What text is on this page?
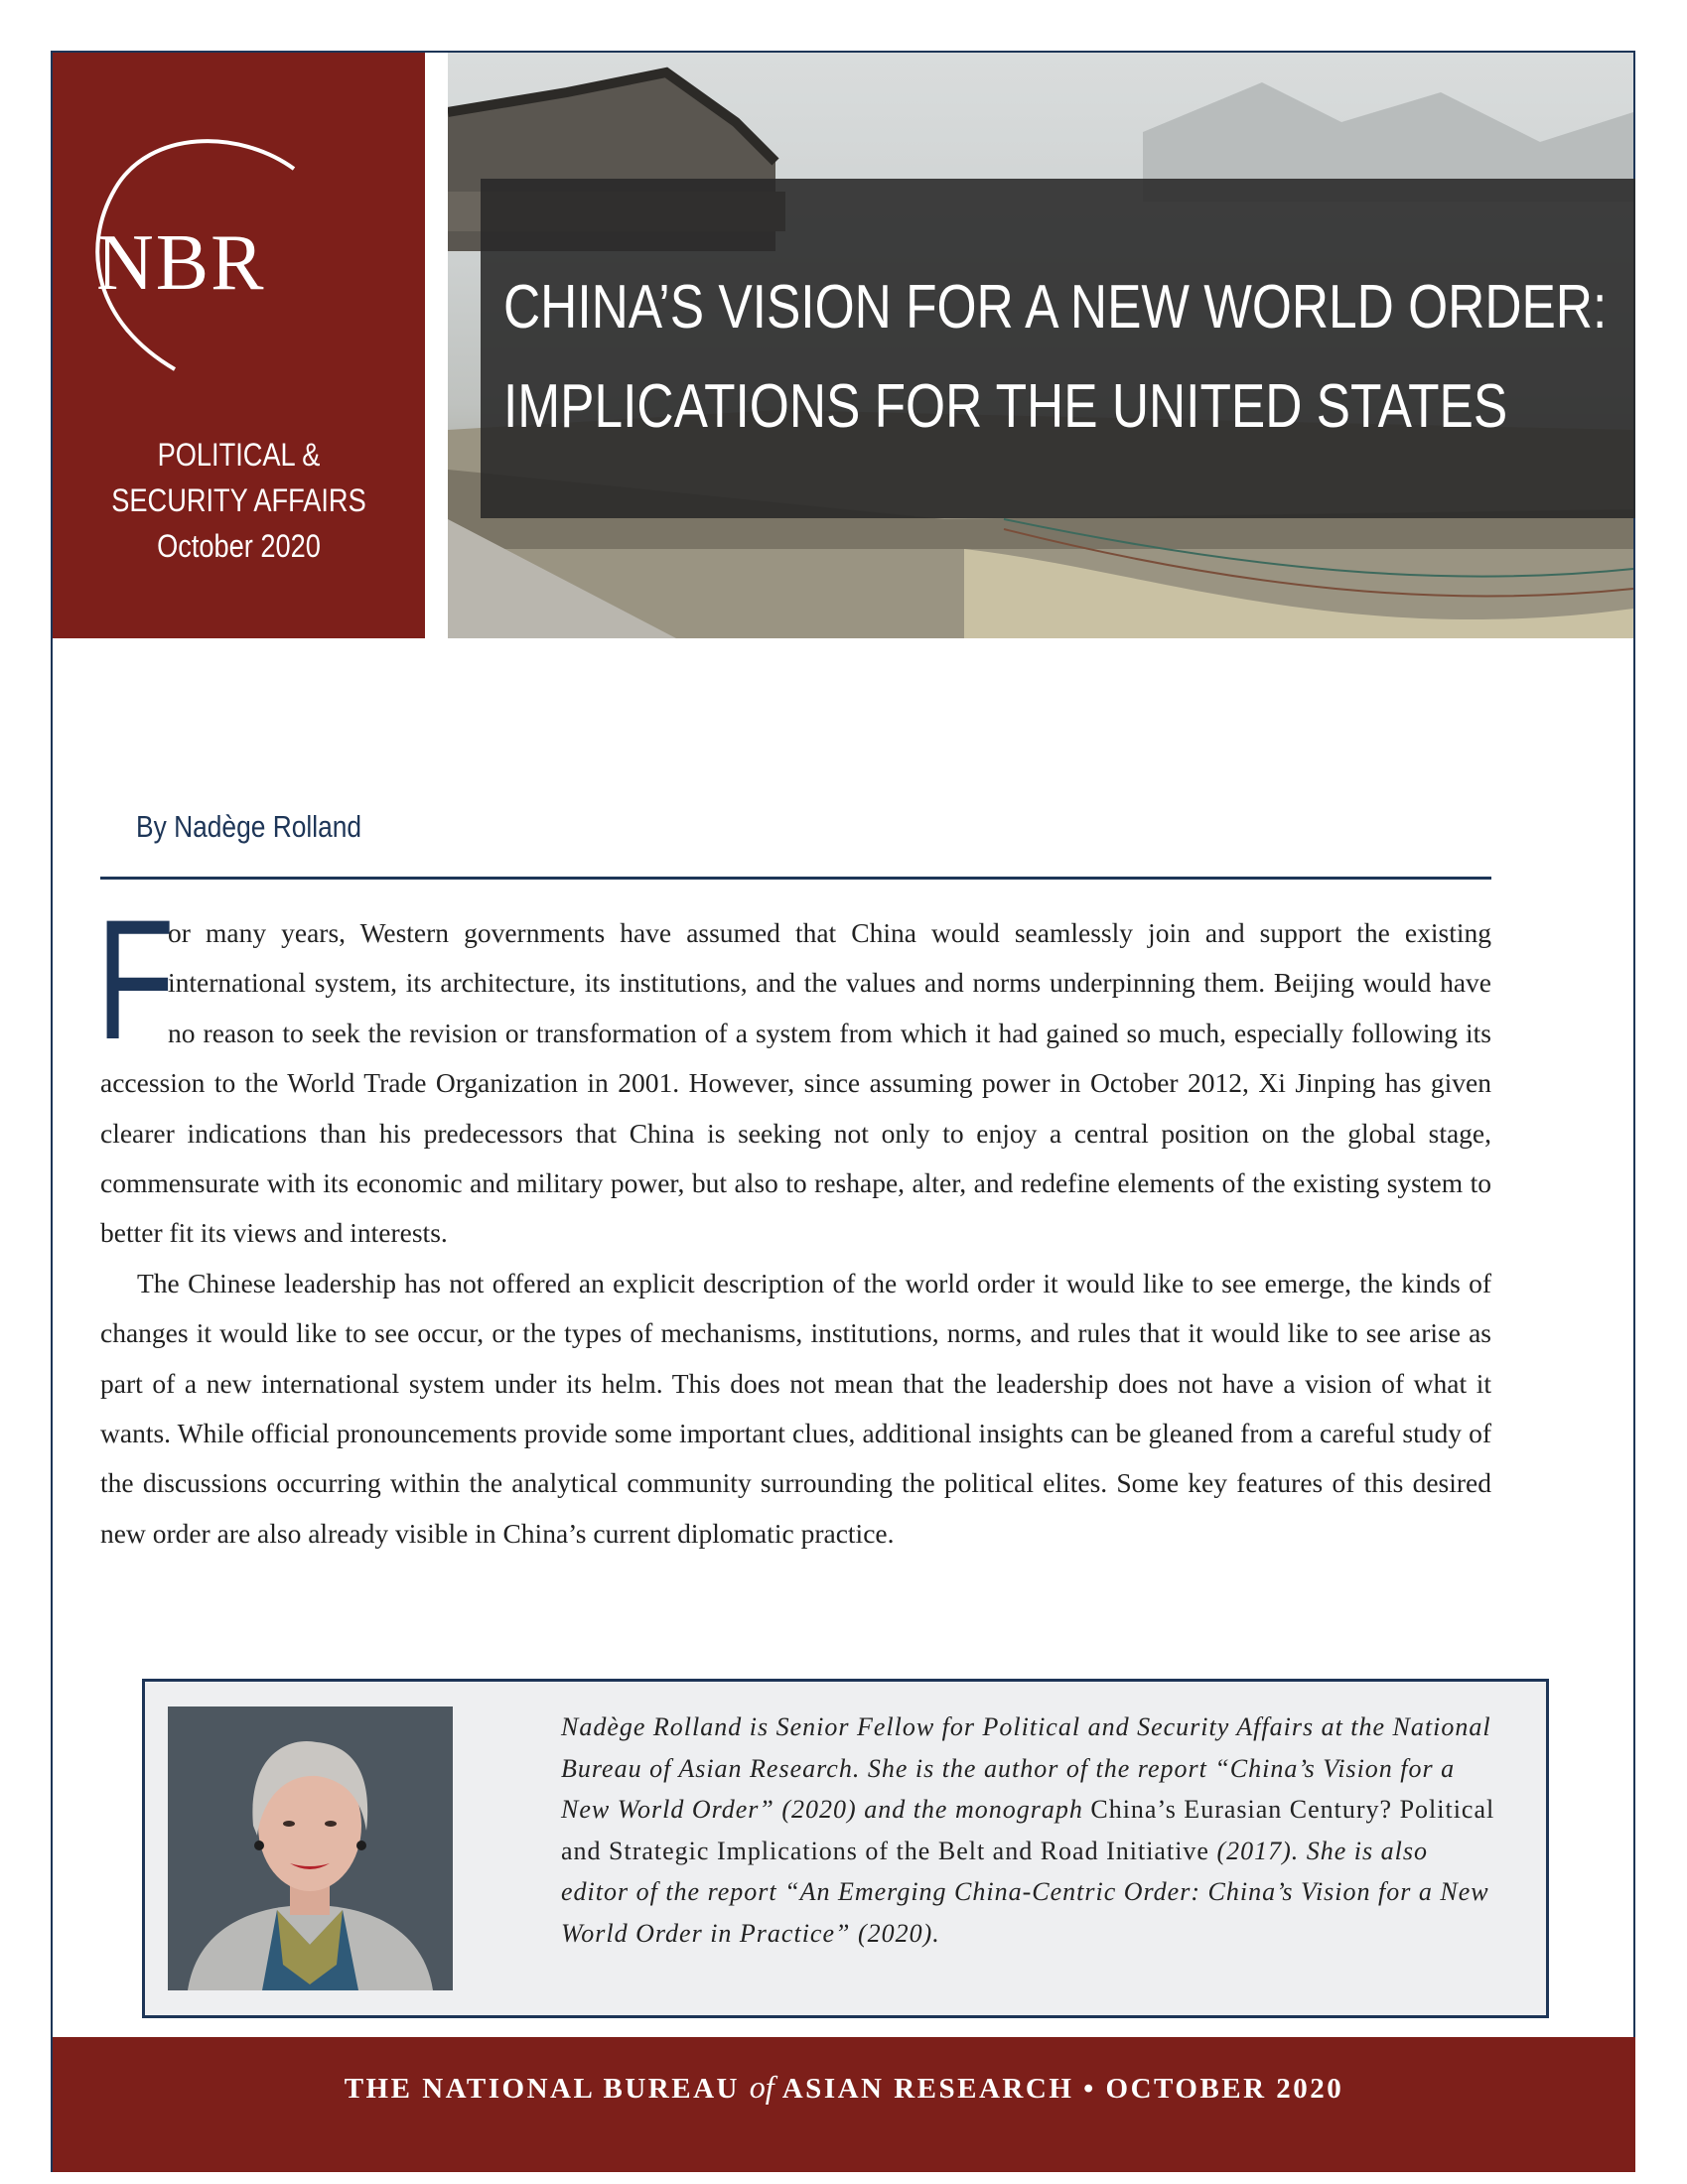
NBR
POLITICAL &
SECURITY AFFAIRS
October 2020
CHINA’S VISION FOR A NEW WORLD ORDER:
IMPLICATIONS FOR THE UNITED STATES
By Nadège Rolland

F
or many years, Western governments have assumed that China would seamlessly join and support the existing international system, its architecture, its institutions, and the values and norms underpinning them. Beijing would have no reason to seek the revision or transformation of a system from which it had gained so much, especially following its accession to the World Trade Organization in 2001. However, since assuming power in October 2012, Xi Jinping has given clearer indications than his predecessors that China is seeking not only to enjoy a central position on the global stage, commensurate with its economic and military power, but also to reshape, alter, and redefine elements of the existing system to better fit its views and interests.

The Chinese leadership has not offered an explicit description of the world order it would like to see emerge, the kinds of changes it would like to see occur, or the types of mechanisms, institutions, norms, and rules that it would like to see arise as part of a new international system under its helm. This does not mean that the leadership does not have a vision of what it wants. While official pronouncements provide some important clues, additional insights can be gleaned from a careful study of the discussions occurring within the analytical community surrounding the political elites. Some key features of this desired new order are also already visible in China’s current diplomatic practice.

Nadège Rolland is Senior Fellow for Political and Security Affairs at the National Bureau of Asian Research. She is the author of the report “China’s Vision for a New World Order” (2020) and the monograph China’s Eurasian Century? Political and Strategic Implications of the Belt and Road Initiative (2017). She is also editor of the report “An Emerging China-Centric Order: China’s Vision for a New World Order in Practice” (2020).
THE NATIONAL BUREAU of ASIAN RESEARCH • OCTOBER 2020
